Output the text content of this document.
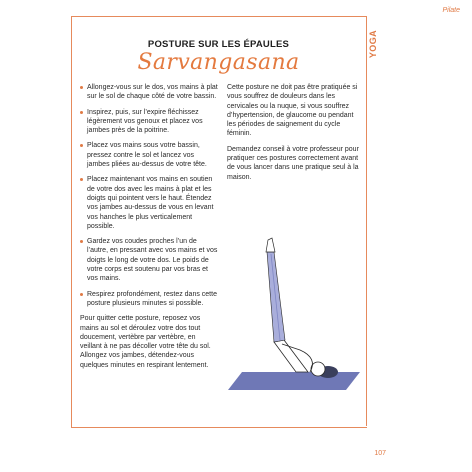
Pilate
YOGA
POSTURE SUR LES ÉPAULES
Sarvangasana
Allongez-vous sur le dos, vos mains à plat sur le sol de chaque côté de votre bassin.
Inspirez, puis, sur l’expire fléchissez légèrement vos genoux et placez vos jambes près de la poitrine.
Placez vos mains sous votre bassin, pressez contre le sol et lancez vos jambes pliées au-dessus de votre tête.
Placez maintenant vos mains en soutien de votre dos avec les mains à plat et les doigts qui pointent vers le haut. Étendez vos jambes au-dessus de vous en levant vos hanches le plus verticalement possible.
Gardez vos coudes proches l’un de l’autre, en pressant avec vos mains et vos doigts le long de votre dos. Le poids de votre corps est soutenu par vos bras et vos mains.
Respirez profondément, restez dans cette posture plusieurs minutes si possible.

Pour quitter cette posture, reposez vos mains au sol et déroulez votre dos tout doucement, vertèbre par vertèbre, en veillant à ne pas décoller votre tête du sol. Allongez vos jambes, détendez-vous quelques minutes en respirant lentement.

Cette posture ne doit pas être pratiquée si vous souffrez de douleurs dans les cervicales ou la nuque, si vous souffrez d’hypertension, de glaucome ou pendant les périodes de saignement du cycle féminin.

Demandez conseil à votre professeur pour pratiquer ces postures correctement avant de vous lancer dans une pratique seul à la maison.

107
